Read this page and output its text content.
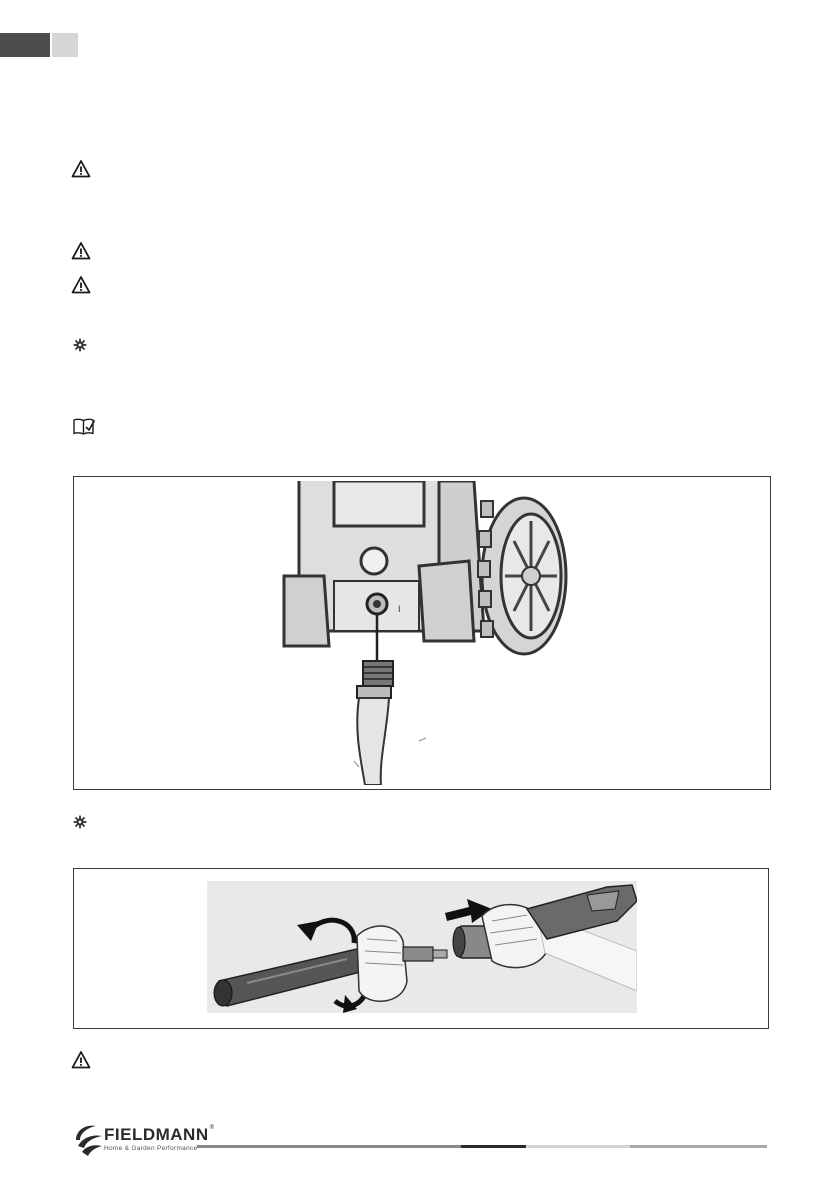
I
FIELDMANN®
Home & Garden Performance
